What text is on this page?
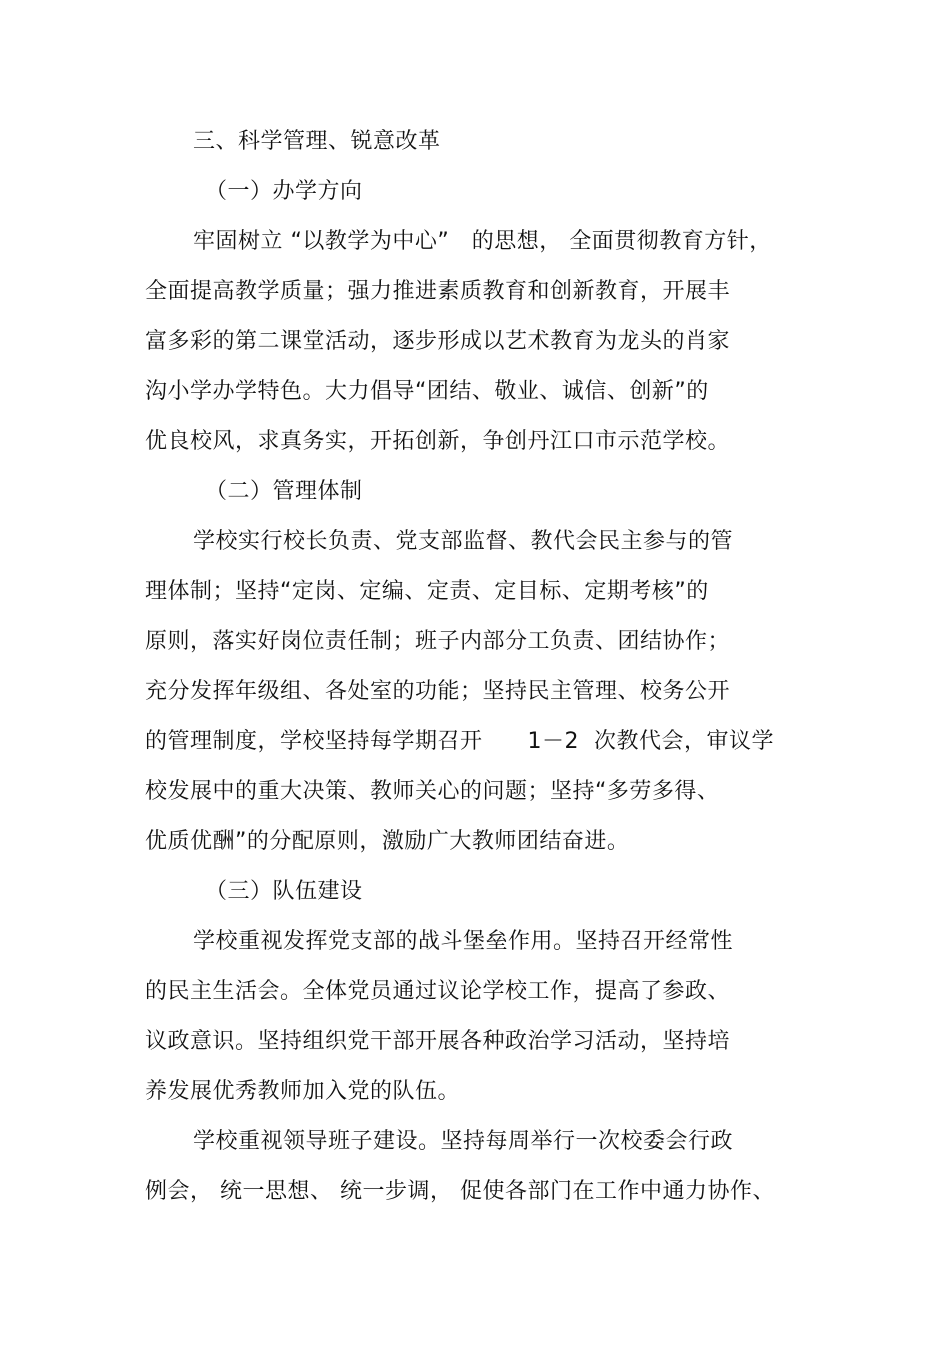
三、科学管理、锐意改革
（一）办学方向
牢固树立 “以教学为中心”   的思想， 全面贯彻教育方针，
全面提高教学质量；强力推进素质教育和创新教育，开展丰
富多彩的第二课堂活动，逐步形成以艺术教育为龙头的肖家
沟小学办学特色。大力倡导“团结、敬业、诚信、创新”的
优良校风，求真务实，开拓创新，争创丹江口市示范学校。
（二）管理体制
学校实行校长负责、党支部监督、教代会民主参与的管
理体制；坚持“定岗、定编、定责、定目标、定期考核”的
原则，落实好岗位责任制；班子内部分工负责、团结协作；
充分发挥年级组、各处室的功能；坚持民主管理、校务公开
的管理制度，学校坚持每学期召开      1－2  次教代会，审议学
校发展中的重大决策、教师关心的问题；坚持“多劳多得、
优质优酬”的分配原则，激励广大教师团结奋进。
（三）队伍建设
学校重视发挥党支部的战斗堡垒作用。坚持召开经常性
的民主生活会。全体党员通过议论学校工作，提高了参政、
议政意识。坚持组织党干部开展各种政治学习活动，坚持培
养发展优秀教师加入党的队伍。
学校重视领导班子建设。坚持每周举行一次校委会行政
例会， 统一思想、 统一步调， 促使各部门在工作中通力协作、
